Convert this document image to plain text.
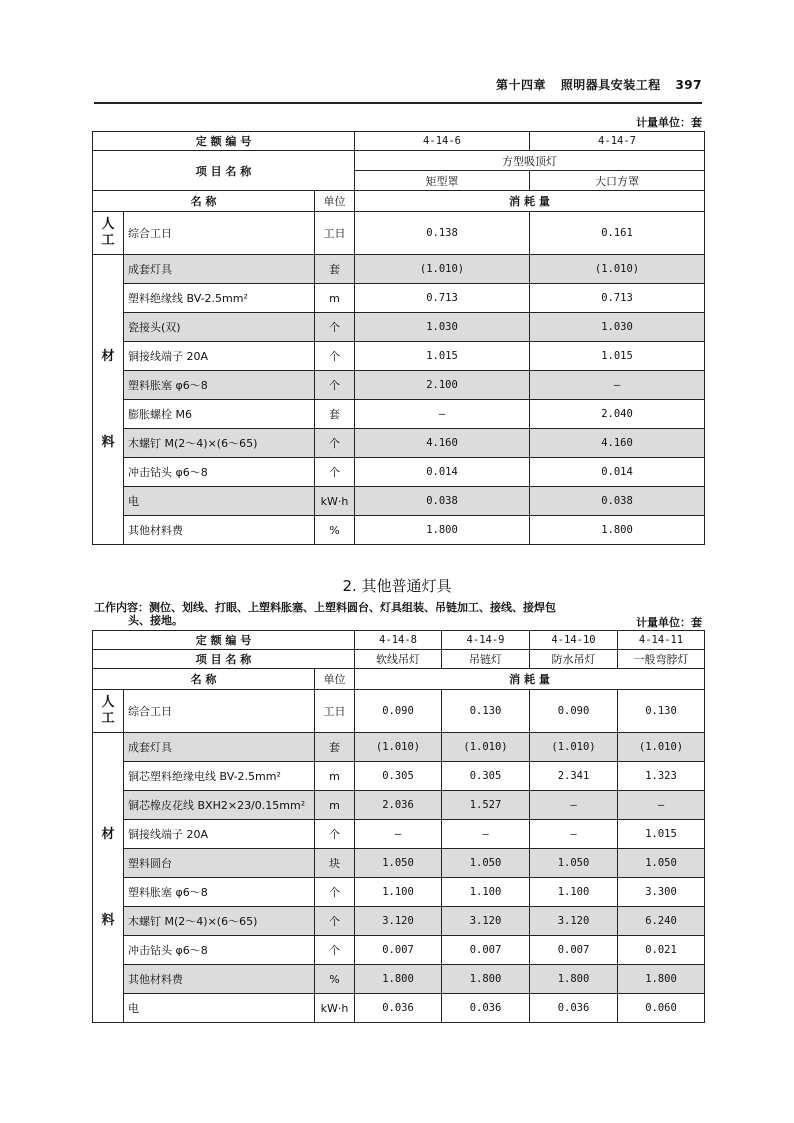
第十四章 照明器具安装工程 397
计量单位：套
定 额 编 号			4-14-6	4-14-7
项 目 名 称			方型吸顶灯	
			矩型罩	大口方罩
名 称		单位	消 耗 量	
人工	综合工日	工日	0.138	0.161

材
料	成套灯具	套	(1.010)	(1.010)
	塑料绝缘线 BV-2.5mm²	m	0.713	0.713
	瓷接头(双)	个	1.030	1.030
	铜接线端子 20A	个	1.015	1.015
	塑料胀塞 φ6～8	个	2.100	—
	膨胀螺栓 M6	套	—	2.040
	木螺钉 M(2～4)×(6～65)	个	4.160	4.160
	冲击钻头 φ6～8	个	0.014	0.014
	电	kW·h	0.038	0.038
	其他材料费	%	1.800	1.800
2. 其他普通灯具
工作内容：测位、划线、打眼、上塑料胀塞、上塑料圆台、灯具组装、吊链加工、接线、接焊包
头、接地。	计量单位：套
定 额 编 号			4-14-8	4-14-9	4-14-10	4-14-11
项 目 名 称			软线吊灯	吊链灯	防水吊灯	一般弯脖灯
名 称		单位	消 耗 量			
人工	综合工日	工日	0.090	0.130	0.090	0.130

材
料	成套灯具	套	(1.010)	(1.010)	(1.010)	(1.010)
	铜芯塑料绝缘电线 BV-2.5mm²	m	0.305	0.305	2.341	1.323
	铜芯橡皮花线 BXH2×23/0.15mm²	m	2.036	1.527	—	—
	铜接线端子 20A	个	—	—	—	1.015
	塑料圆台	块	1.050	1.050	1.050	1.050
	塑料胀塞 φ6～8	个	1.100	1.100	1.100	3.300
	木螺钉 M(2～4)×(6～65)	个	3.120	3.120	3.120	6.240
	冲击钻头 φ6～8	个	0.007	0.007	0.007	0.021
	其他材料费	%	1.800	1.800	1.800	1.800
	电	kW·h	0.036	0.036	0.036	0.060
